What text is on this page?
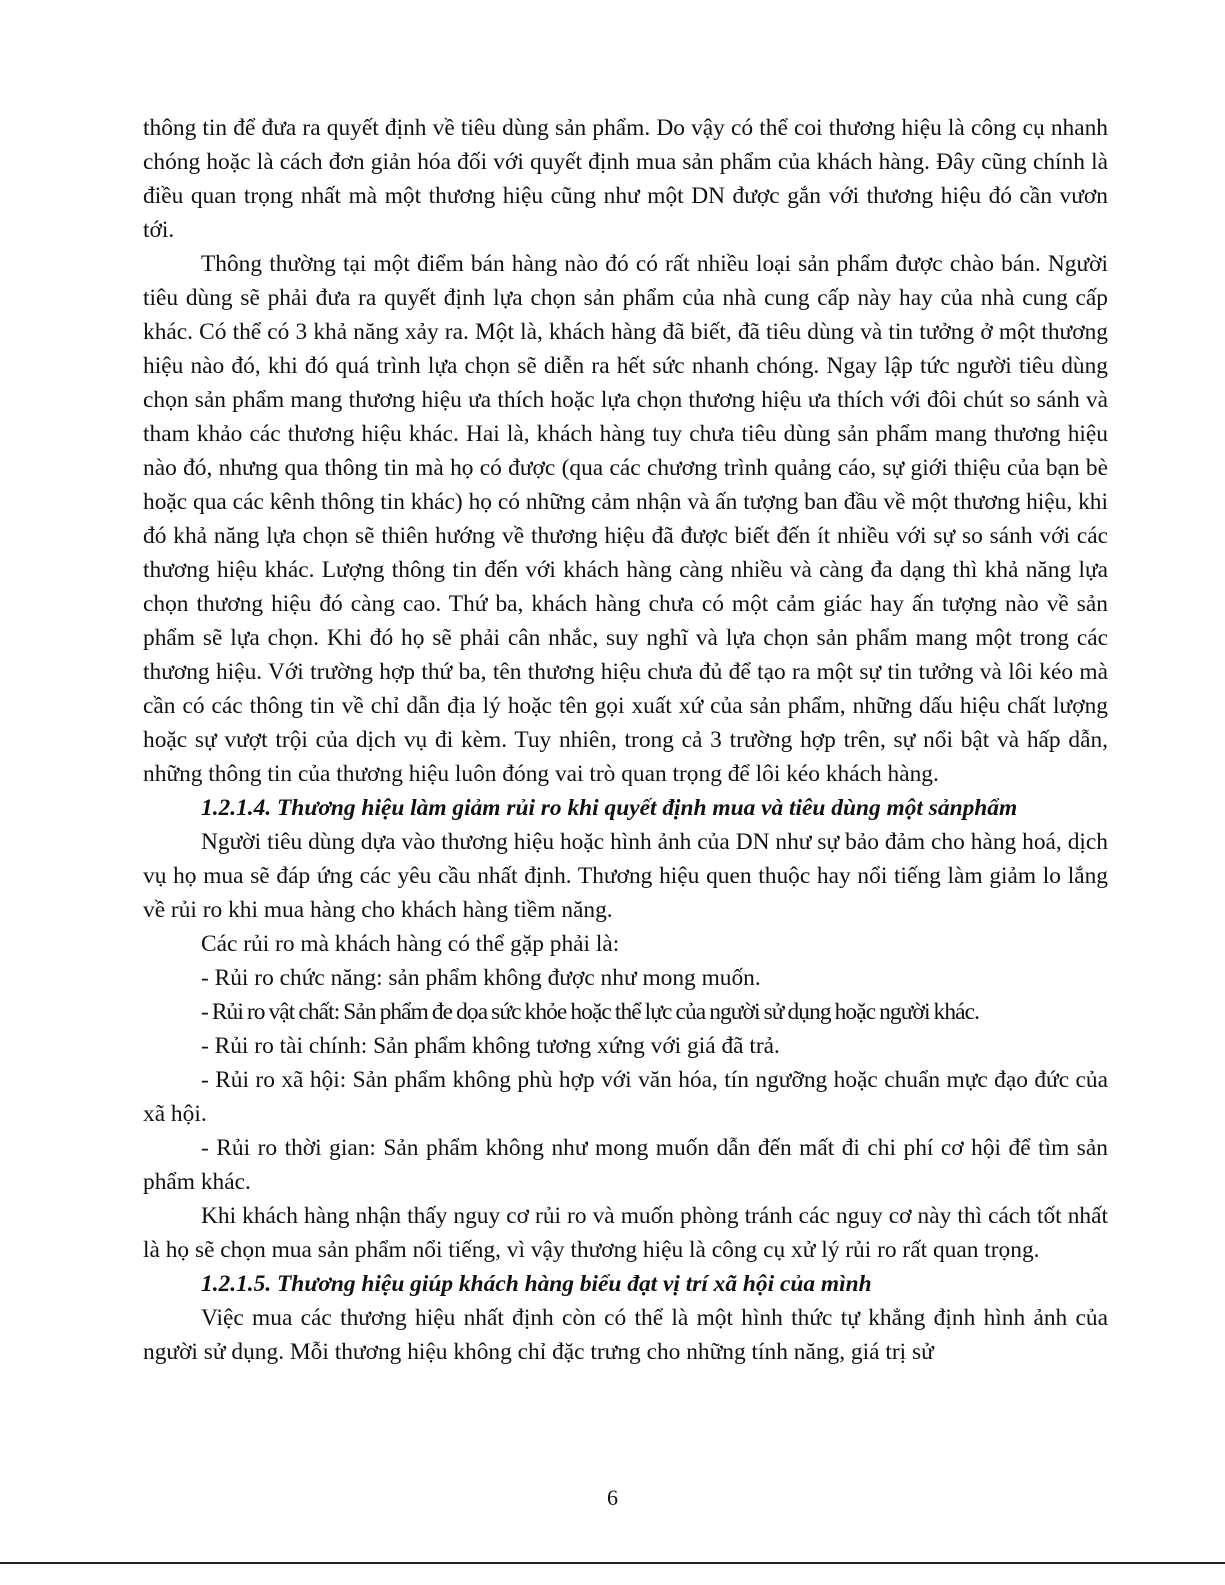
thông tin để đưa ra quyết định về tiêu dùng sản phẩm. Do vậy có thể coi thương hiệu là công cụ nhanh chóng hoặc là cách đơn giản hóa đối với quyết định mua sản phẩm của khách hàng. Đây cũng chính là điều quan trọng nhất mà một thương hiệu cũng như một DN được gắn với thương hiệu đó cần vươn tới.

Thông thường tại một điểm bán hàng nào đó có rất nhiều loại sản phẩm được chào bán. Người tiêu dùng sẽ phải đưa ra quyết định lựa chọn sản phẩm của nhà cung cấp này hay của nhà cung cấp khác. Có thể có 3 khả năng xảy ra. Một là, khách hàng đã biết, đã tiêu dùng và tin tưởng ở một thương hiệu nào đó, khi đó quá trình lựa chọn sẽ diễn ra hết sức nhanh chóng. Ngay lập tức người tiêu dùng chọn sản phẩm mang thương hiệu ưa thích hoặc lựa chọn thương hiệu ưa thích với đôi chút so sánh và tham khảo các thương hiệu khác. Hai là, khách hàng tuy chưa tiêu dùng sản phẩm mang thương hiệu nào đó, nhưng qua thông tin mà họ có được (qua các chương trình quảng cáo, sự giới thiệu của bạn bè hoặc qua các kênh thông tin khác) họ có những cảm nhận và ấn tượng ban đầu về một thương hiệu, khi đó khả năng lựa chọn sẽ thiên hướng về thương hiệu đã được biết đến ít nhiều với sự so sánh với các thương hiệu khác. Lượng thông tin đến với khách hàng càng nhiều và càng đa dạng thì khả năng lựa chọn thương hiệu đó càng cao. Thứ ba, khách hàng chưa có một cảm giác hay ấn tượng nào về sản phẩm sẽ lựa chọn. Khi đó họ sẽ phải cân nhắc, suy nghĩ và lựa chọn sản phẩm mang một trong các thương hiệu. Với trường hợp thứ ba, tên thương hiệu chưa đủ để tạo ra một sự tin tưởng và lôi kéo mà cần có các thông tin về chỉ dẫn địa lý hoặc tên gọi xuất xứ của sản phẩm, những dấu hiệu chất lượng hoặc sự vượt trội của dịch vụ đi kèm. Tuy nhiên, trong cả 3 trường hợp trên, sự nổi bật và hấp dẫn, những thông tin của thương hiệu luôn đóng vai trò quan trọng để lôi kéo khách hàng.

1.2.1.4. Thương hiệu làm giảm rủi ro khi quyết định mua và tiêu dùng một sảnphẩm

Người tiêu dùng dựa vào thương hiệu hoặc hình ảnh của DN như sự bảo đảm cho hàng hoá, dịch vụ họ mua sẽ đáp ứng các yêu cầu nhất định. Thương hiệu quen thuộc hay nổi tiếng làm giảm lo lắng về rủi ro khi mua hàng cho khách hàng tiềm năng.

Các rủi ro mà khách hàng có thể gặp phải là:

- Rủi ro chức năng: sản phẩm không được như mong muốn.

- Rủi ro vật chất: Sản phẩm đe dọa sức khỏe hoặc thể lực của người sử dụng hoặc người khác.

- Rủi ro tài chính: Sản phẩm không tương xứng với giá đã trả.

- Rủi ro xã hội: Sản phẩm không phù hợp với văn hóa, tín ngưỡng hoặc chuẩn mực đạo đức của xã hội.

- Rủi ro thời gian: Sản phẩm không như mong muốn dẫn đến mất đi chi phí cơ hội để tìm sản phẩm khác.

Khi khách hàng nhận thấy nguy cơ rủi ro và muốn phòng tránh các nguy cơ này thì cách tốt nhất là họ sẽ chọn mua sản phẩm nổi tiếng, vì vậy thương hiệu là công cụ xử lý rủi ro rất quan trọng.

1.2.1.5. Thương hiệu giúp khách hàng biểu đạt vị trí xã hội của mình

Việc mua các thương hiệu nhất định còn có thể là một hình thức tự khẳng định hình ảnh của người sử dụng. Mỗi thương hiệu không chỉ đặc trưng cho những tính năng, giá trị sử

6
